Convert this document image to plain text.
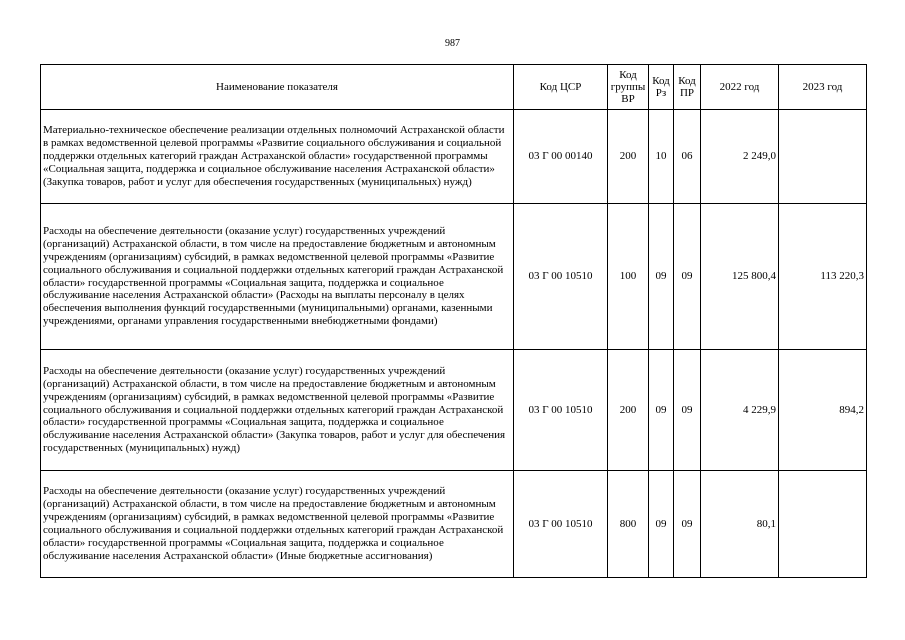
987
Наименование показателя	Код ЦСР	Код группы ВР	Код Рз	Код ПР	2022 год	2023 год
Материально-техническое обеспечение реализации отдельных полномочий Астраханской области в рамках ведомственной целевой программы «Развитие социального обслуживания и социальной поддержки отдельных категорий граждан Астраханской области» государственной программы «Социальная защита, поддержка и социальное обслуживание населения Астраханской области» (Закупка товаров, работ и услуг для обеспечения государственных (муниципальных) нужд)	03 Г 00 00140	200	10	06	2 249,0	
Расходы на обеспечение деятельности (оказание услуг) государственных учреждений (организаций) Астраханской области, в том числе на предоставление бюджетным и автономным учреждениям (организациям) субсидий, в рамках ведомственной целевой программы «Развитие социального обслуживания и социальной поддержки отдельных категорий граждан Астраханской области» государственной программы «Социальная защита, поддержка и социальное обслуживание населения Астраханской области» (Расходы на выплаты персоналу в целях обеспечения выполнения функций государственными (муниципальными) органами, казенными учреждениями, органами управления государственными внебюджетными фондами)	03 Г 00 10510	100	09	09	125 800,4	113 220,3
Расходы на обеспечение деятельности (оказание услуг) государственных учреждений (организаций) Астраханской области, в том числе на предоставление бюджетным и автономным учреждениям (организациям) субсидий, в рамках ведомственной целевой программы «Развитие социального обслуживания и социальной поддержки отдельных категорий граждан Астраханской области» государственной программы «Социальная защита, поддержка и социальное обслуживание населения Астраханской области» (Закупка товаров, работ и услуг для обеспечения государственных (муниципальных) нужд)	03 Г 00 10510	200	09	09	4 229,9	894,2
Расходы на обеспечение деятельности (оказание услуг) государственных учреждений (организаций) Астраханской области, в том числе на предоставление бюджетным и автономным учреждениям (организациям) субсидий, в рамках ведомственной целевой программы «Развитие социального обслуживания и социальной поддержки отдельных категорий граждан Астраханской области» государственной программы «Социальная защита, поддержка и социальное обслуживание населения Астраханской области» (Иные бюджетные ассигнования)	03 Г 00 10510	800	09	09	80,1	
